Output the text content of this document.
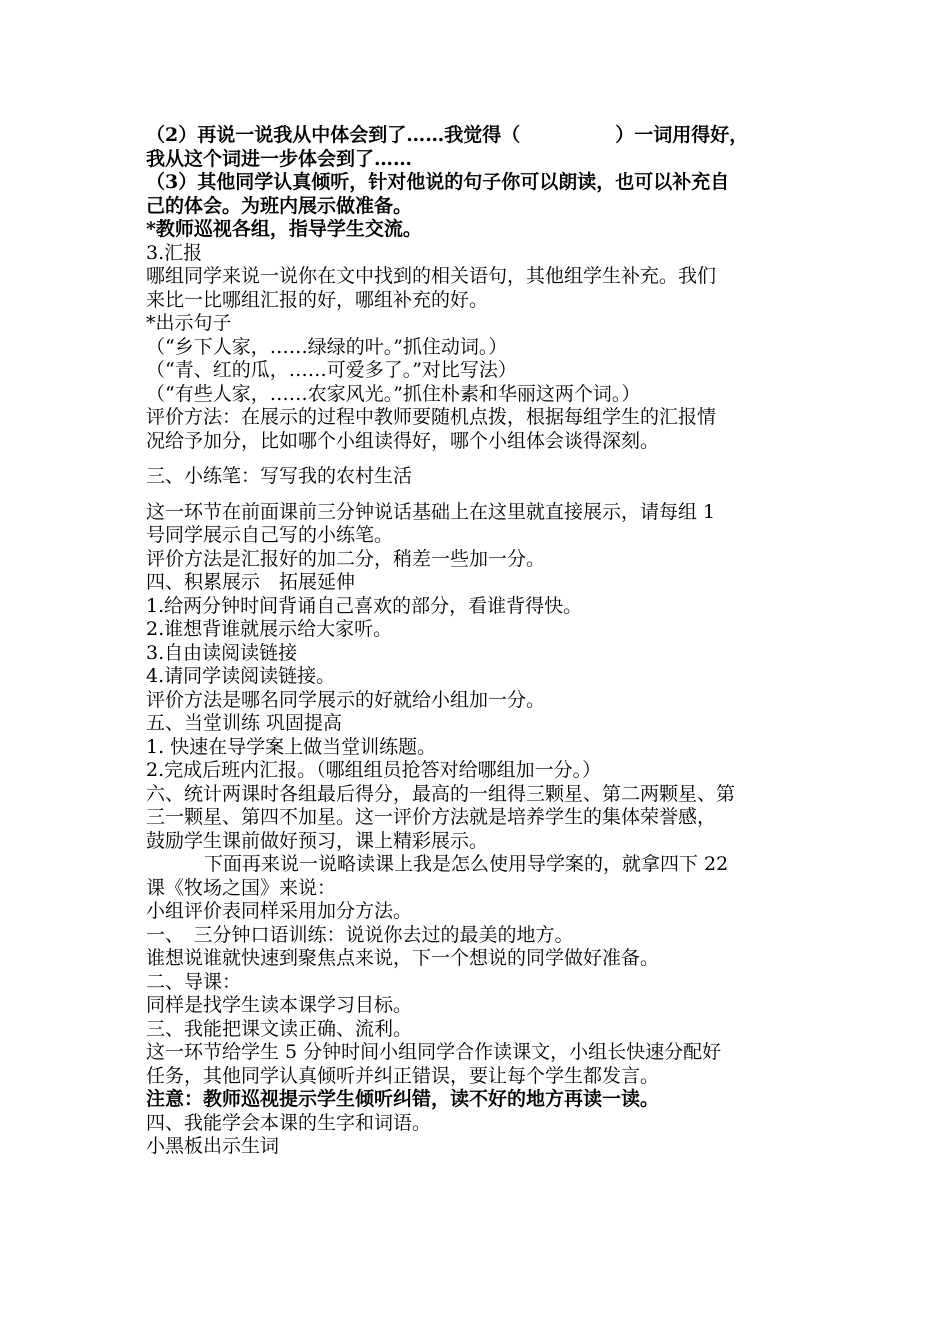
（2）再说一说我从中体会到了……我觉得（　　　　　）一词用得好，
我从这个词进一步体会到了……
（3）其他同学认真倾听，针对他说的句子你可以朗读，也可以补充自
己的体会。为班内展示做准备。
*教师巡视各组，指导学生交流。
3.汇报
哪组同学来说一说你在文中找到的相关语句，其他组学生补充。我们
来比一比哪组汇报的好，哪组补充的好。
*出示句子
（“乡下人家，……绿绿的叶。”抓住动词。）
（“青、红的瓜，……可爱多了。”对比写法）
（“有些人家，……农家风光。”抓住朴素和华丽这两个词。）
评价方法：在展示的过程中教师要随机点拨，根据每组学生的汇报情
况给予加分，比如哪个小组读得好，哪个小组体会谈得深刻。
三、小练笔：写写我的农村生活
这一环节在前面课前三分钟说话基础上在这里就直接展示，请每组 1
号同学展示自己写的小练笔。
评价方法是汇报好的加二分，稍差一些加一分。
四、积累展示　拓展延伸
1.给两分钟时间背诵自己喜欢的部分，看谁背得快。
2.谁想背谁就展示给大家听。
3.自由读阅读链接
4.请同学读阅读链接。
评价方法是哪名同学展示的好就给小组加一分。
五、当堂训练 巩固提高
1. 快速在导学案上做当堂训练题。
2.完成后班内汇报。（哪组组员抢答对给哪组加一分。）
六、统计两课时各组最后得分，最高的一组得三颗星、第二两颗星、第
三一颗星、第四不加星。这一评价方法就是培养学生的集体荣誉感，
鼓励学生课前做好预习，课上精彩展示。
下面再来说一说略读课上我是怎么使用导学案的，就拿四下 22
课《牧场之国》来说：
小组评价表同样采用加分方法。
一、　三分钟口语训练：说说你去过的最美的地方。
谁想说谁就快速到聚焦点来说，下一个想说的同学做好准备。
二、导课：
同样是找学生读本课学习目标。
三、我能把课文读正确、流利。
这一环节给学生 5 分钟时间小组同学合作读课文，小组长快速分配好
任务，其他同学认真倾听并纠正错误，要让每个学生都发言。
注意：教师巡视提示学生倾听纠错，读不好的地方再读一读。
四、我能学会本课的生字和词语。
小黑板出示生词
